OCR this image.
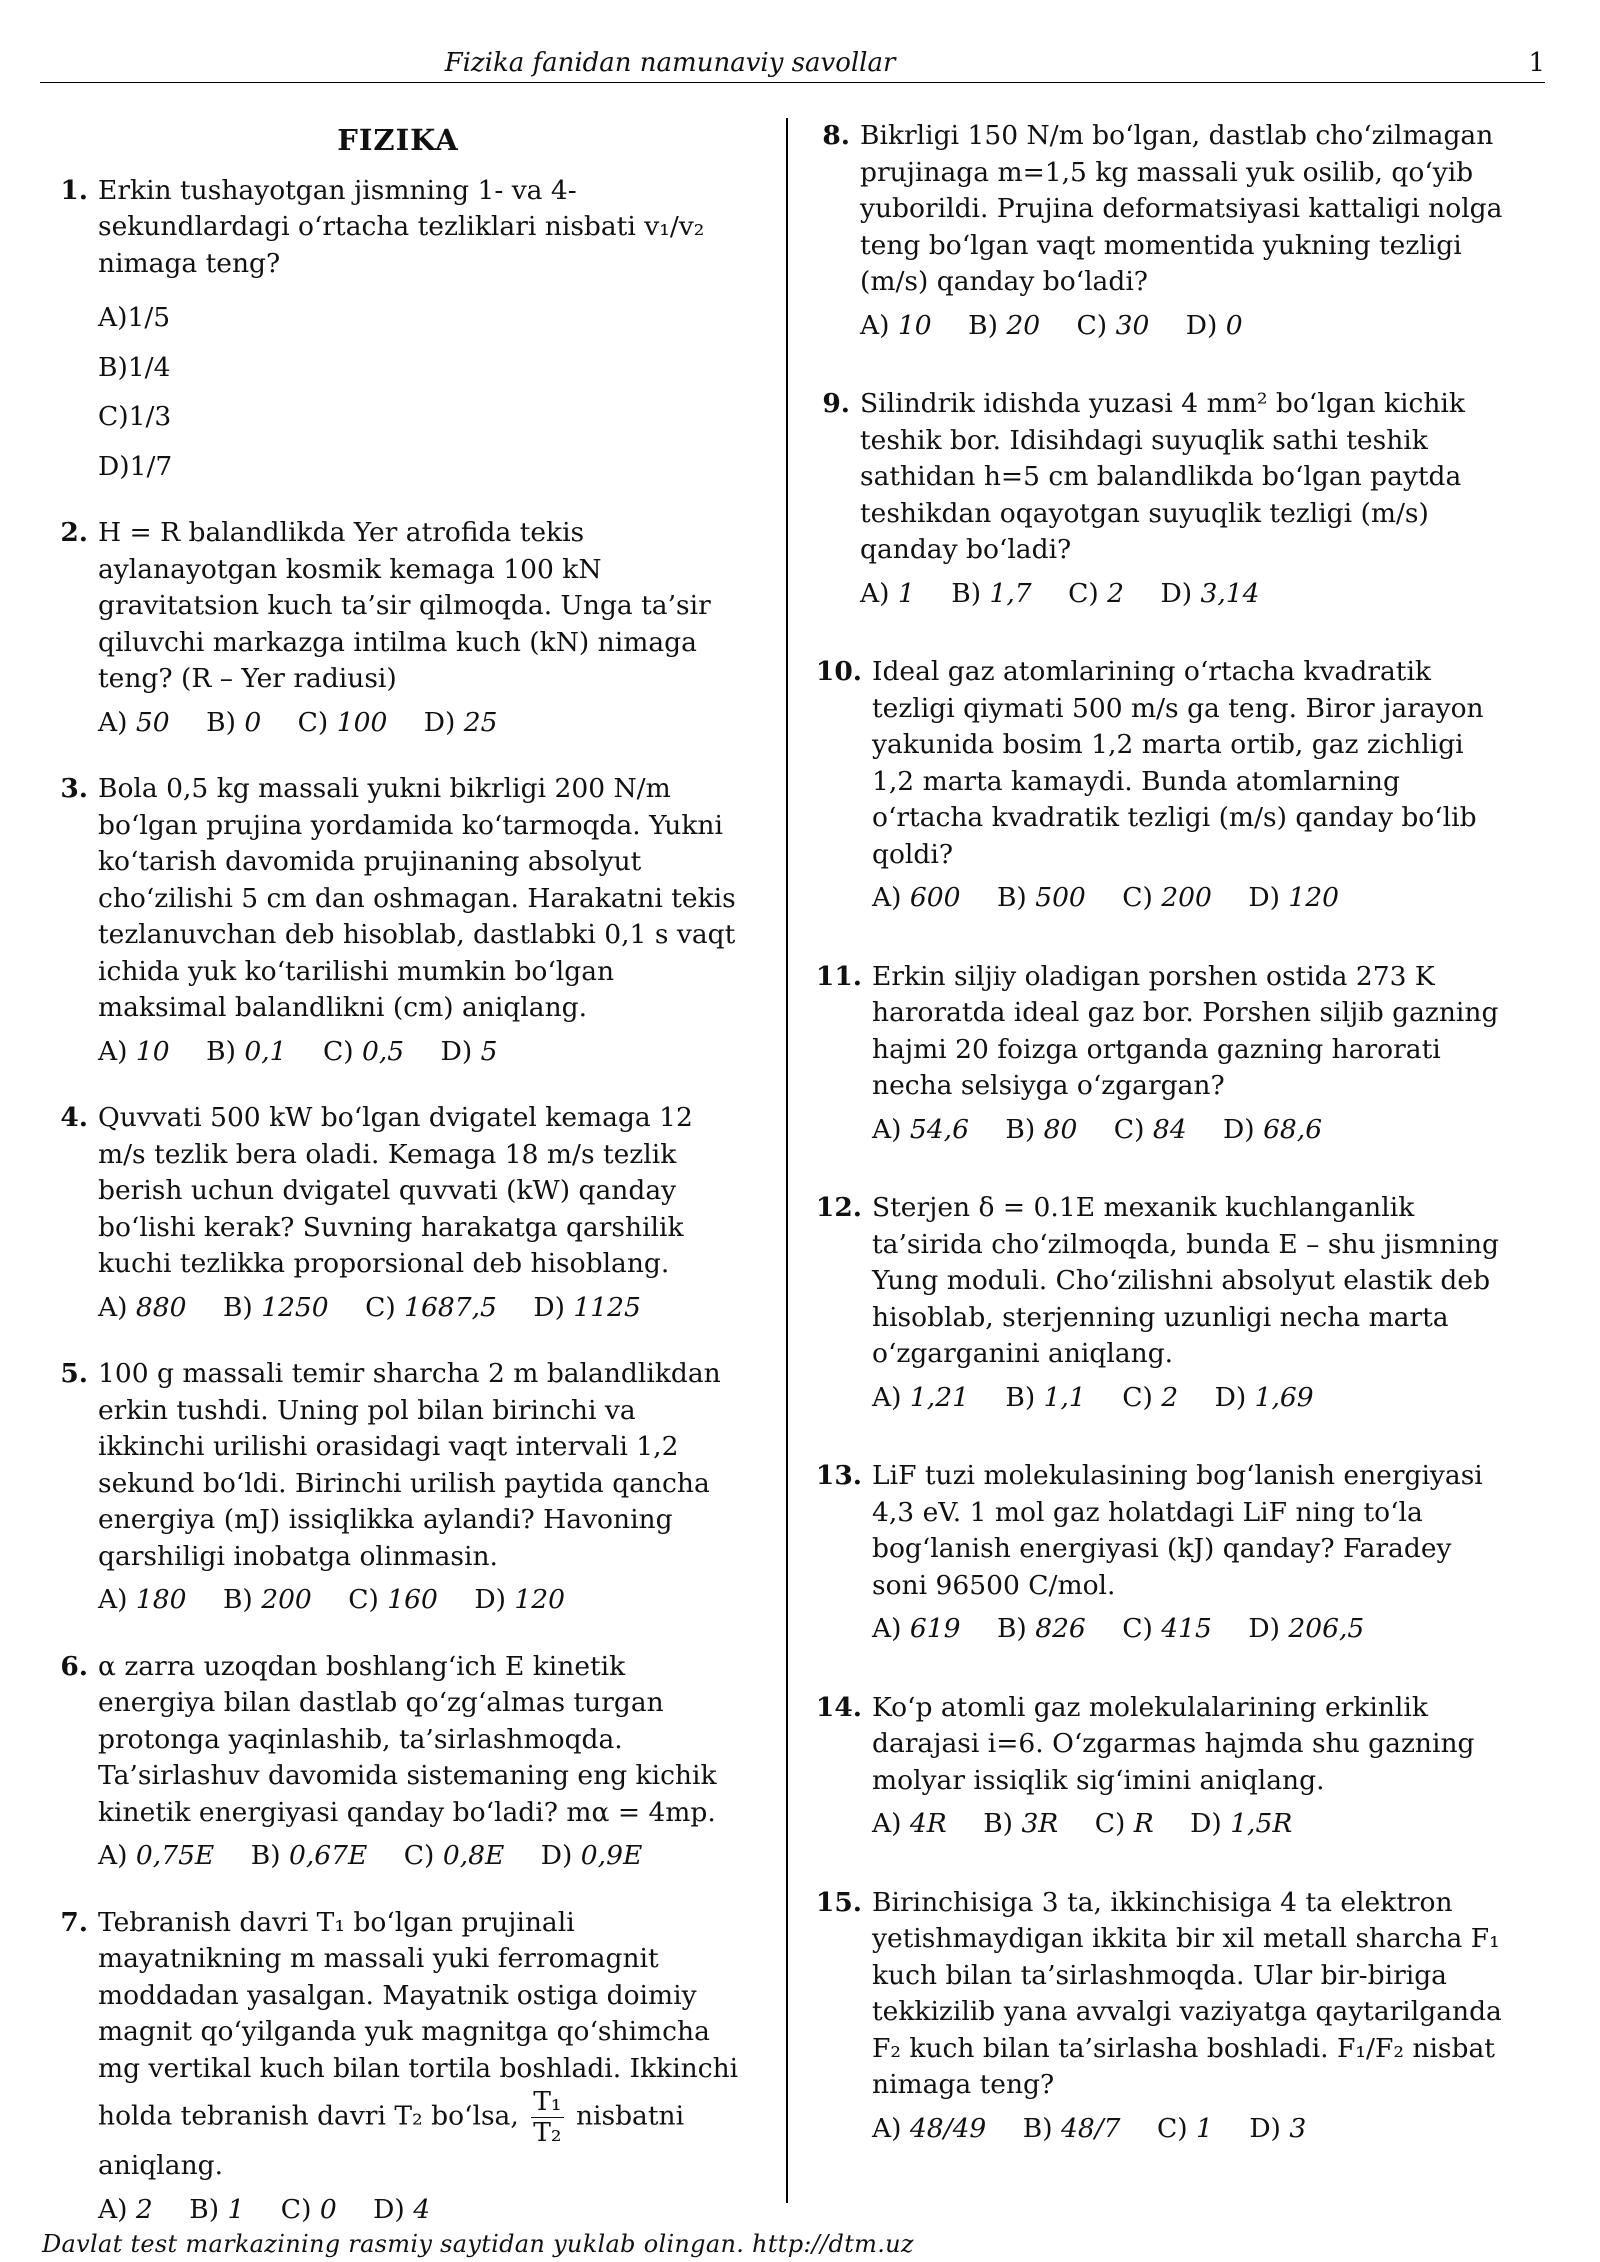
Fizika fanidan namunaviy savollar	1
FIZIKA
1. Erkin tushayotgan jismning 1- va 4-sekundlardagi o‘rtacha tezliklari nisbati v₁/v₂ nimaga teng?
A)1/5
B)1/4
C)1/3
D)1/7
2. H = R balandlikda Yer atrofida tekis aylanayotgan kosmik kemaga 100 kN gravitatsion kuch ta’sir qilmoqda. Unga ta’sir qiluvchi markazga intilma kuch (kN) nimaga teng? (R – Yer radiusi)
A) 50 B) 0 C) 100 D) 25
3. Bola 0,5 kg massali yukni bikrligi 200 N/m bo‘lgan prujina yordamida ko‘tarmoqda. Yukni ko‘tarish davomida prujinaning absolyut cho‘zilishi 5 cm dan oshmagan. Harakatni tekis tezlanuvchan deb hisoblab, dastlabki 0,1 s vaqt ichida yuk ko‘tarilishi mumkin bo‘lgan maksimal balandlikni (cm) aniqlang.
A) 10 B) 0,1 C) 0,5 D) 5
4. Quvvati 500 kW bo‘lgan dvigatel kemaga 12 m/s tezlik bera oladi. Kemaga 18 m/s tezlik berish uchun dvigatel quvvati (kW) qanday bo‘lishi kerak? Suvning harakatga qarshilik kuchi tezlikka proporsional deb hisoblang.
A) 880 B) 1250 C) 1687,5 D) 1125
5. 100 g massali temir sharcha 2 m balandlikdan erkin tushdi. Uning pol bilan birinchi va ikkinchi urilishi orasidagi vaqt intervali 1,2 sekund bo‘ldi. Birinchi urilish paytida qancha energiya (mJ) issiqlikka aylandi? Havoning qarshiligi inobatga olinmasin.
A) 180 B) 200 C) 160 D) 120
6. α zarra uzoqdan boshlang‘ich E kinetik energiya bilan dastlab qo‘zg‘almas turgan protonga yaqinlashib, ta’sirlashmoqda. Ta’sirlashuv davomida sistemaning eng kichik kinetik energiyasi qanday bo‘ladi? mα = 4mp.
A) 0,75E B) 0,67E C) 0,8E D) 0,9E
7. Tebranish davri T₁ bo‘lgan prujinali mayatnikning m massali yuki ferromagnit moddadan yasalgan. Mayatnik ostiga doimiy magnit qo‘yilganda yuk magnitga qo‘shimcha mg vertikal kuch bilan tortila boshladi. Ikkinchi holda tebranish davri T₂ bo‘lsa, $\frac{\text{T₁}}{\text{T₂}}$ nisbatni aniqlang.
A) 2 B) 1 C) 0 D) 4
8. Bikrligi 150 N/m bo‘lgan, dastlab cho‘zilmagan prujinaga m=1,5 kg massali yuk osilib, qo‘yib yuborildi. Prujina deformatsiyasi kattaligi nolga teng bo‘lgan vaqt momentida yukning tezligi (m/s) qanday bo‘ladi?
A) 10 B) 20 C) 30 D) 0
9. Silindrik idishda yuzasi 4 mm² bo‘lgan kichik teshik bor. Idisihdagi suyuqlik sathi teshik sathidan h=5 cm balandlikda bo‘lgan paytda teshikdan oqayotgan suyuqlik tezligi (m/s) qanday bo‘ladi?
A) 1 B) 1,7 C) 2 D) 3,14
10. Ideal gaz atomlarining o‘rtacha kvadratik tezligi qiymati 500 m/s ga teng. Biror jarayon yakunida bosim 1,2 marta ortib, gaz zichligi 1,2 marta kamaydi. Bunda atomlarning o‘rtacha kvadratik tezligi (m/s) qanday bo‘lib qoldi?
A) 600 B) 500 C) 200 D) 120
11. Erkin siljiy oladigan porshen ostida 273 K haroratda ideal gaz bor. Porshen siljib gazning hajmi 20 foizga ortganda gazning harorati necha selsiyga o‘zgargan?
A) 54,6 B) 80 C) 84 D) 68,6
12. Sterjen δ = 0.1E mexanik kuchlanganlik ta’sirida cho‘zilmoqda, bunda E – shu jismning Yung moduli. Cho‘zilishni absolyut elastik deb hisoblab, sterjenning uzunligi necha marta o‘zgarganini aniqlang.
A) 1,21 B) 1,1 C) 2 D) 1,69
13. LiF tuzi molekulasining bog‘lanish energiyasi 4,3 eV. 1 mol gaz holatdagi LiF ning to‘la bog‘lanish energiyasi (kJ) qanday? Faradey soni 96500 C/mol.
A) 619 B) 826 C) 415 D) 206,5
14. Ko‘p atomli gaz molekulalarining erkinlik darajasi i=6. O‘zgarmas hajmda shu gazning molyar issiqlik sig‘imini aniqlang.
A) 4R B) 3R C) R D) 1,5R
15. Birinchisiga 3 ta, ikkinchisiga 4 ta elektron yetishmaydigan ikkita bir xil metall sharcha F₁ kuch bilan ta’sirlashmoqda. Ular bir-biriga tekkizilib yana avvalgi vaziyatga qaytarilganda F₂ kuch bilan ta’sirlasha boshladi. F₁/F₂ nisbat nimaga teng?
A) 48/49 B) 48/7 C) 1 D) 3
Davlat test markazining rasmiy saytidan yuklab olingan. http://dtm.uz
